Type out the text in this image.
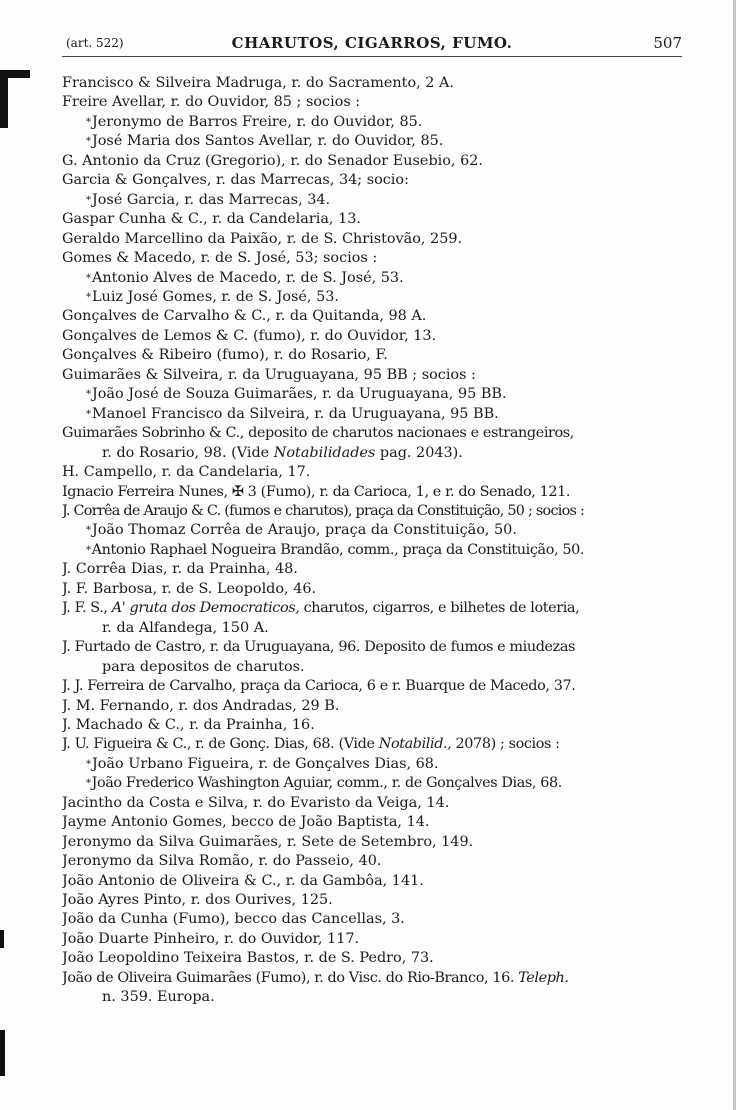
(art. 522)	CHARUTOS, CIGARROS, FUMO.	507
Francisco & Silveira Madruga, r. do Sacramento, 2 A.
Freire Avellar, r. do Ouvidor, 85 ; socios :
* Jeronymo de Barros Freire, r. do Ouvidor, 85.
* José Maria dos Santos Avellar, r. do Ouvidor, 85.
G. Antonio da Cruz (Gregorio), r. do Senador Eusebio, 62.
Garcia & Gonçalves, r. das Marrecas, 34; socio:
* José Garcia, r. das Marrecas, 34.
Gaspar Cunha & C., r. da Candelaria, 13.
Geraldo Marcellino da Paixão, r. de S. Christovão, 259.
Gomes & Macedo, r. de S. José, 53; socios :
* Antonio Alves de Macedo, r. de S. José, 53.
* Luiz José Gomes, r. de S. José, 53.
Gonçalves de Carvalho & C., r. da Quitanda, 98 A.
Gonçalves de Lemos & C. (fumo), r. do Ouvidor, 13.
Gonçalves & Ribeiro (fumo), r. do Rosario, F.
Guimarães & Silveira, r. da Uruguayana, 95 BB ; socios :
* João José de Souza Guimarães, r. da Uruguayana, 95 BB.
* Manoel Francisco da Silveira, r. da Uruguayana, 95 BB.
Guimarães Sobrinho & C., deposito de charutos nacionaes e estrangeiros,
r. do Rosario, 98. (Vide Notabilidades pag. 2043).
H. Campello, r. da Candelaria, 17.
Ignacio Ferreira Nunes, ✠ 3 (Fumo), r. da Carioca, 1, e r. do Senado, 121.
J. Corrêa de Araujo & C. (fumos e charutos), praça da Constituição, 50 ; socios :
* João Thomaz Corrêa de Araujo, praça da Constituição, 50.
* Antonio Raphael Nogueira Brandão, comm., praça da Constituição, 50.
J. Corrêa Dias, r. da Prainha, 48.
J. F. Barbosa, r. de S. Leopoldo, 46.
J. F. S., A' gruta dos Democraticos, charutos, cigarros, e bilhetes de loteria,
r. da Alfandega, 150 A.
J. Furtado de Castro, r. da Uruguayana, 96. Deposito de fumos e miudezas
para depositos de charutos.
J. J. Ferreira de Carvalho, praça da Carioca, 6 e r. Buarque de Macedo, 37.
J. M. Fernando, r. dos Andradas, 29 B.
J. Machado & C., r. da Prainha, 16.
J. U. Figueira & C., r. de Gonç. Dias, 68. (Vide Notabilid., 2078) ; socios :
* João Urbano Figueira, r. de Gonçalves Dias, 68.
* João Frederico Washington Aguiar, comm., r. de Gonçalves Dias, 68.
Jacintho da Costa e Silva, r. do Evaristo da Veiga, 14.
Jayme Antonio Gomes, becco de João Baptista, 14.
Jeronymo da Silva Guimarães, r. Sete de Setembro, 149.
Jeronymo da Silva Romão, r. do Passeio, 40.
João Antonio de Oliveira & C., r. da Gambôa, 141.
João Ayres Pinto, r. dos Ourives, 125.
João da Cunha (Fumo), becco das Cancellas, 3.
João Duarte Pinheiro, r. do Ouvidor, 117.
João Leopoldino Teixeira Bastos, r. de S. Pedro, 73.
João de Oliveira Guimarães (Fumo), r. do Visc. do Rio-Branco, 16. Teleph.
n. 359. Europa.
